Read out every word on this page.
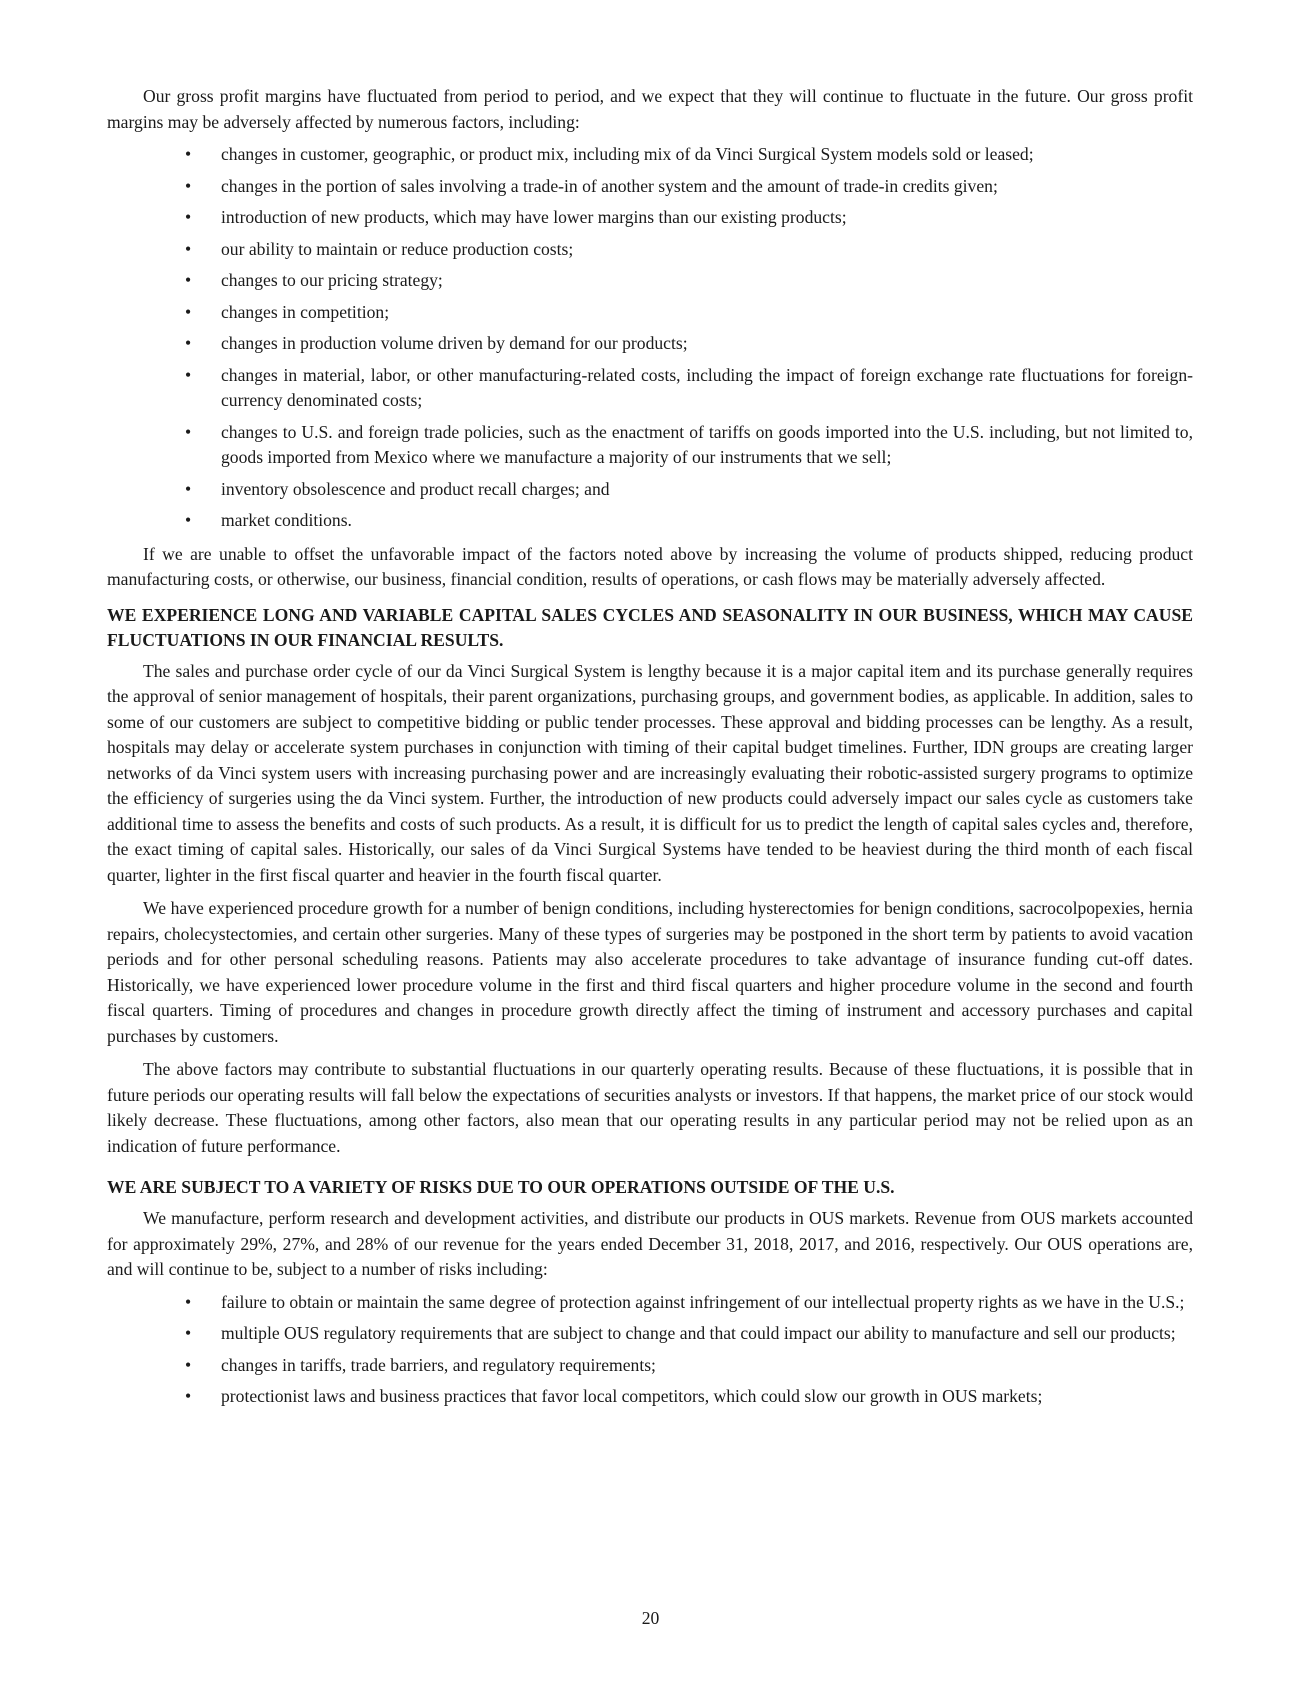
Our gross profit margins have fluctuated from period to period, and we expect that they will continue to fluctuate in the future. Our gross profit margins may be adversely affected by numerous factors, including:

• changes in customer, geographic, or product mix, including mix of da Vinci Surgical System models sold or leased;
• changes in the portion of sales involving a trade-in of another system and the amount of trade-in credits given;
• introduction of new products, which may have lower margins than our existing products;
• our ability to maintain or reduce production costs;
• changes to our pricing strategy;
• changes in competition;
• changes in production volume driven by demand for our products;
• changes in material, labor, or other manufacturing-related costs, including the impact of foreign exchange rate fluctuations for foreign-currency denominated costs;
• changes to U.S. and foreign trade policies, such as the enactment of tariffs on goods imported into the U.S. including, but not limited to, goods imported from Mexico where we manufacture a majority of our instruments that we sell;
• inventory obsolescence and product recall charges; and
• market conditions.

If we are unable to offset the unfavorable impact of the factors noted above by increasing the volume of products shipped, reducing product manufacturing costs, or otherwise, our business, financial condition, results of operations, or cash flows may be materially adversely affected.

WE EXPERIENCE LONG AND VARIABLE CAPITAL SALES CYCLES AND SEASONALITY IN OUR BUSINESS, WHICH MAY CAUSE FLUCTUATIONS IN OUR FINANCIAL RESULTS.

The sales and purchase order cycle of our da Vinci Surgical System is lengthy because it is a major capital item and its purchase generally requires the approval of senior management of hospitals, their parent organizations, purchasing groups, and government bodies, as applicable. In addition, sales to some of our customers are subject to competitive bidding or public tender processes. These approval and bidding processes can be lengthy. As a result, hospitals may delay or accelerate system purchases in conjunction with timing of their capital budget timelines. Further, IDN groups are creating larger networks of da Vinci system users with increasing purchasing power and are increasingly evaluating their robotic-assisted surgery programs to optimize the efficiency of surgeries using the da Vinci system. Further, the introduction of new products could adversely impact our sales cycle as customers take additional time to assess the benefits and costs of such products. As a result, it is difficult for us to predict the length of capital sales cycles and, therefore, the exact timing of capital sales. Historically, our sales of da Vinci Surgical Systems have tended to be heaviest during the third month of each fiscal quarter, lighter in the first fiscal quarter and heavier in the fourth fiscal quarter.

We have experienced procedure growth for a number of benign conditions, including hysterectomies for benign conditions, sacrocolpopexies, hernia repairs, cholecystectomies, and certain other surgeries. Many of these types of surgeries may be postponed in the short term by patients to avoid vacation periods and for other personal scheduling reasons. Patients may also accelerate procedures to take advantage of insurance funding cut-off dates. Historically, we have experienced lower procedure volume in the first and third fiscal quarters and higher procedure volume in the second and fourth fiscal quarters. Timing of procedures and changes in procedure growth directly affect the timing of instrument and accessory purchases and capital purchases by customers.

The above factors may contribute to substantial fluctuations in our quarterly operating results. Because of these fluctuations, it is possible that in future periods our operating results will fall below the expectations of securities analysts or investors. If that happens, the market price of our stock would likely decrease. These fluctuations, among other factors, also mean that our operating results in any particular period may not be relied upon as an indication of future performance.

WE ARE SUBJECT TO A VARIETY OF RISKS DUE TO OUR OPERATIONS OUTSIDE OF THE U.S.

We manufacture, perform research and development activities, and distribute our products in OUS markets. Revenue from OUS markets accounted for approximately 29%, 27%, and 28% of our revenue for the years ended December 31, 2018, 2017, and 2016, respectively. Our OUS operations are, and will continue to be, subject to a number of risks including:

• failure to obtain or maintain the same degree of protection against infringement of our intellectual property rights as we have in the U.S.;
• multiple OUS regulatory requirements that are subject to change and that could impact our ability to manufacture and sell our products;
• changes in tariffs, trade barriers, and regulatory requirements;
• protectionist laws and business practices that favor local competitors, which could slow our growth in OUS markets;
20
